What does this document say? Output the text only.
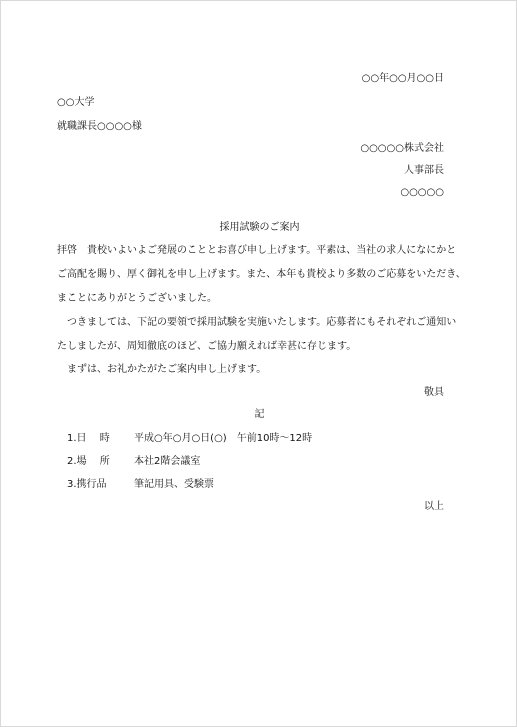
○○年○○月○○日
○○大学
就職課長○○○○様
○○○○○株式会社
人事部長
○○○○○
採用試験のご案内
拝啓　貴校いよいよご発展のこととお喜び申し上げます。平素は、当社の求人になにかと
ご高配を賜り、厚く御礼を申し上げます。また、本年も貴校より多数のご応募をいただき、
まことにありがとうございました。
つきましては、下記の要領で採用試験を実施いたします。応募者にもそれぞれご通知い
たしましたが、周知徹底のほど、ご協力願えれば幸甚に存じます。
まずは、お礼かたがたご案内申し上げます。
敬具
記
1.日　 時 平成○年○月○日(○)　午前10時～12時
2.場　 所 本社2階会議室
3.携行品	筆記用具、受験票
以上
